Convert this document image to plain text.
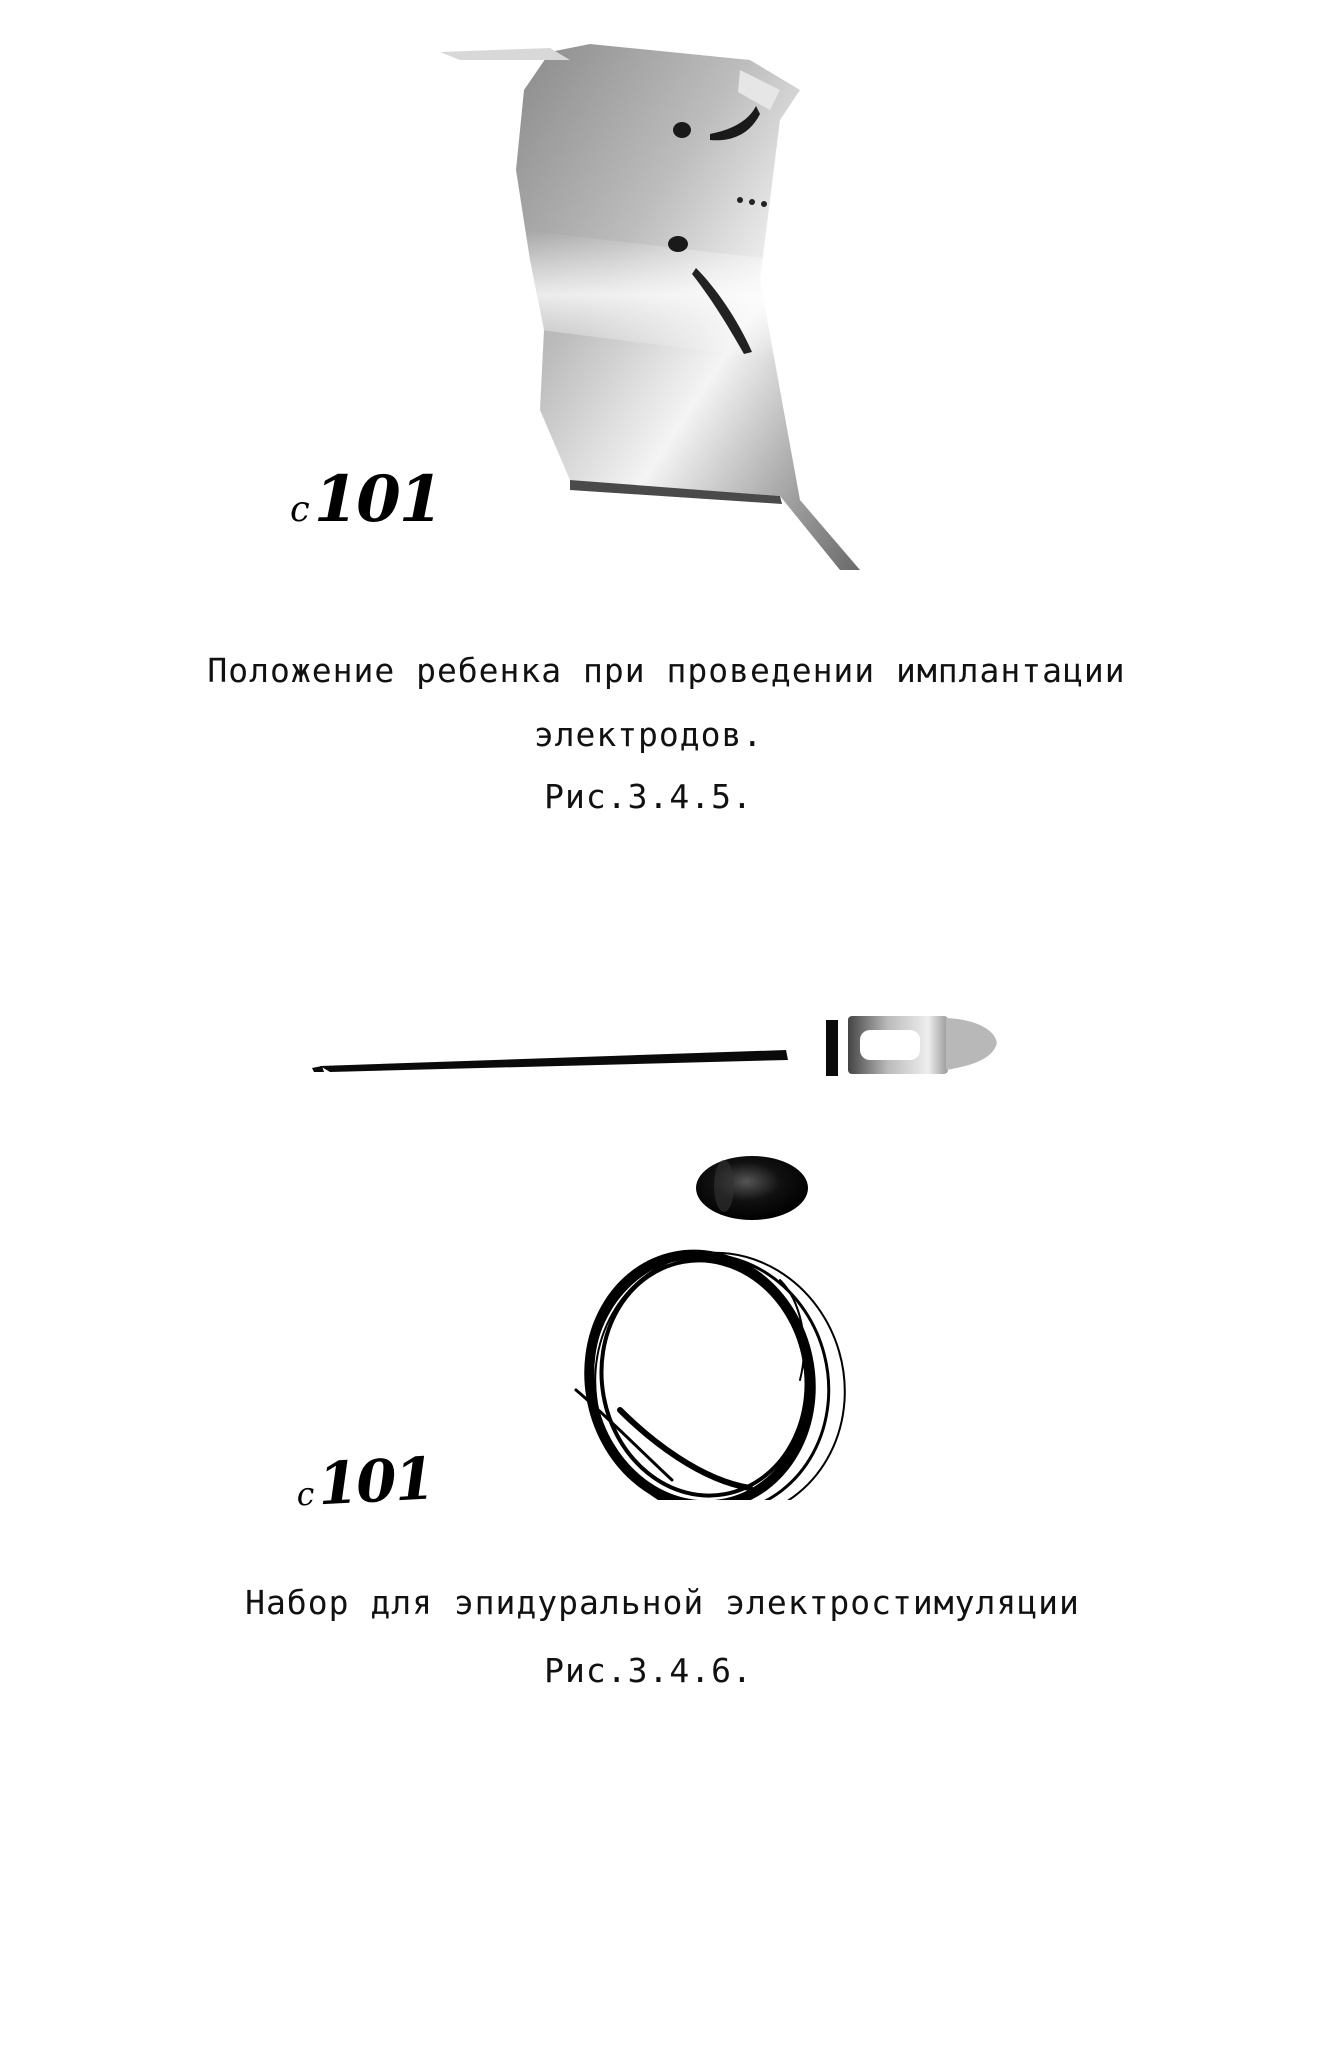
c101
Положение ребенка при проведении имплантации
электродов.
Рис.3.4.5.
c101
Набор для эпидуральной электростимуляции
Рис.3.4.6.
